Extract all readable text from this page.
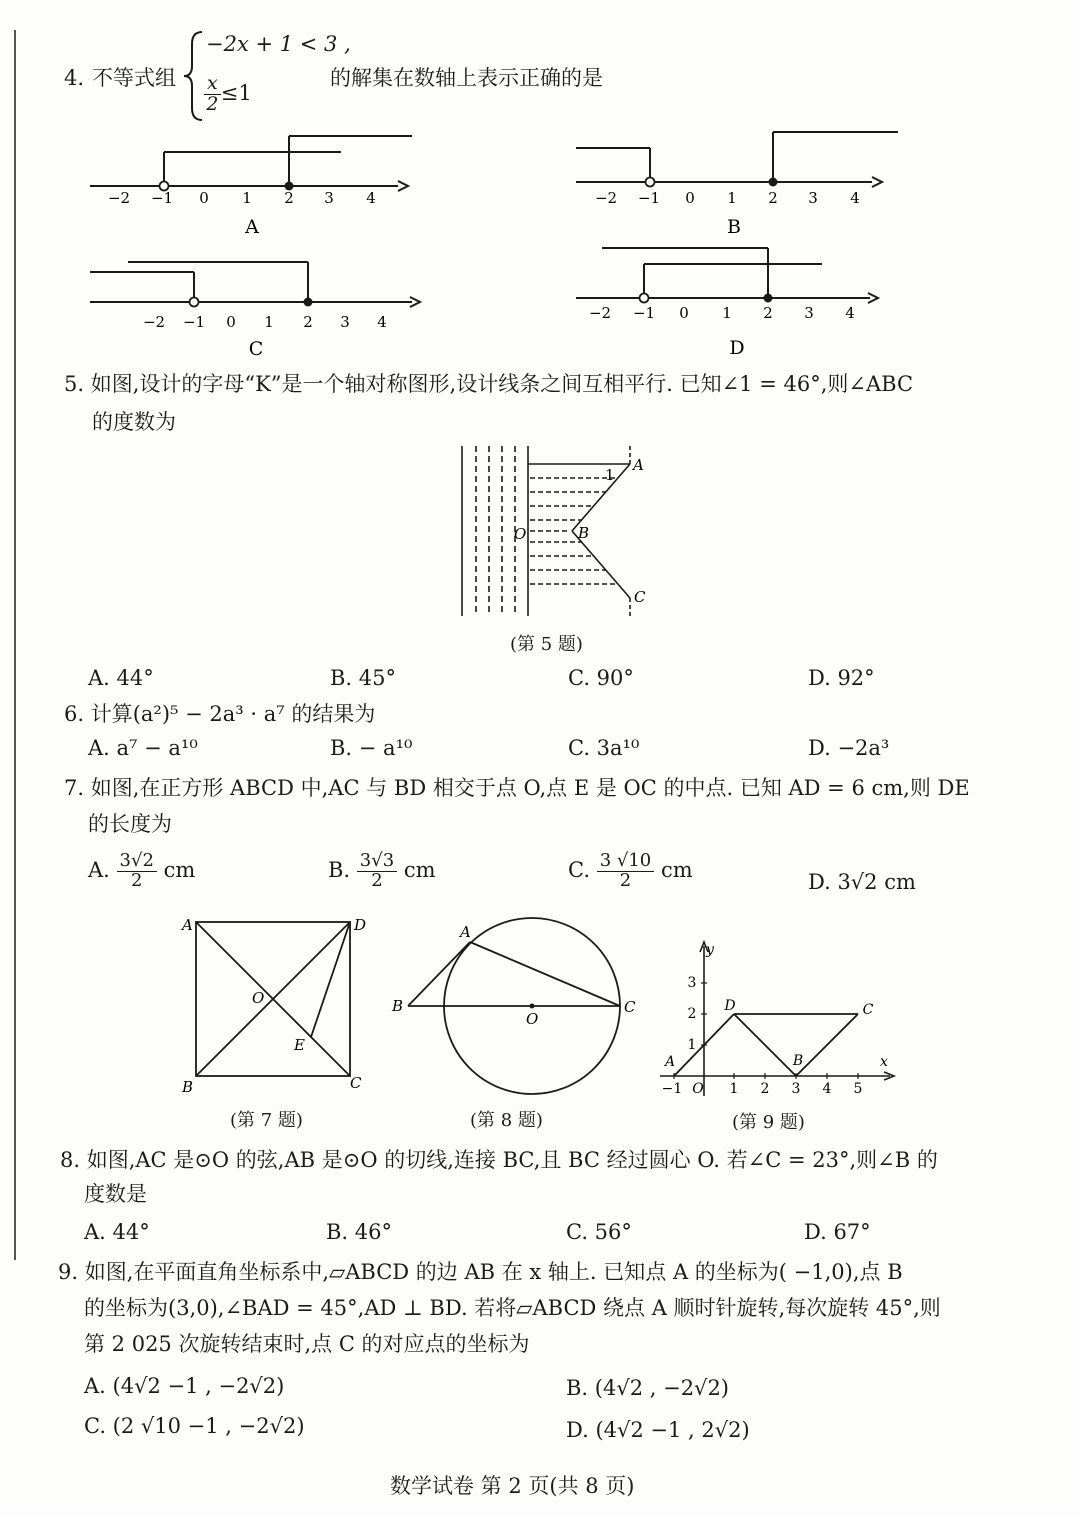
4. 不等式组
−2x + 1 < 3 ,
$\frac{x}{2} \le 1$
的解集在数轴上表示正确的是
−2 −1 0 1 2 3 4
A
−2 −1 0 1 2 3 4
B
−2 −1 0 1 2 3 4
C
−2 −1 0 1 2 3 4
D
5. 如图,设计的字母“K”是一个轴对称图形,设计线条之间互相平行. 已知∠1 = 46°,则∠ABC
的度数为
A
1
O	B
C
(第 5 题)
A. 44°	B. 45°	C. 90°	D. 92°
6. 计算(a²)⁵ − 2a³ · a⁷ 的结果为
A. a⁷ − a¹⁰	B. − a¹⁰	C. 3a¹⁰	D. −2a³
7. 如图,在正方形 ABCD 中,AC 与 BD 相交于点 O,点 E 是 OC 的中点. 已知 AD = 6 cm,则 DE
的长度为
A. $\frac{3√2}{2}$ cm	B. $\frac{3√3}{2}$ cm	C. $\frac{3 √10}{2}$ cm
D. 3√2 cm
A	D
O
E
B	C
(第 7 题)
A
B
O
C
(第 8 题)
y
x
1
2
3
−1	1 2 3 4 5
O
A
D	C
B
(第 9 题)
8. 如图,AC 是⊙O 的弦,AB 是⊙O 的切线,连接 BC,且 BC 经过圆心 O. 若∠C = 23°,则∠B 的
度数是
A. 44°	B. 46°	C. 56°	D. 67°
9. 如图,在平面直角坐标系中,▱ABCD 的边 AB 在 x 轴上. 已知点 A 的坐标为( −1,0),点 B
的坐标为(3,0),∠BAD = 45°,AD ⊥ BD. 若将▱ABCD 绕点 A 顺时针旋转,每次旋转 45°,则
第 2 025 次旋转结束时,点 C 的对应点的坐标为
A. (4√2 −1 , −2√2)	B. (4√2 , −2√2)
C. (2 √10 −1 , −2√2)	D. (4√2 −1 , 2√2)
数学试卷 第 2 页(共 8 页)
